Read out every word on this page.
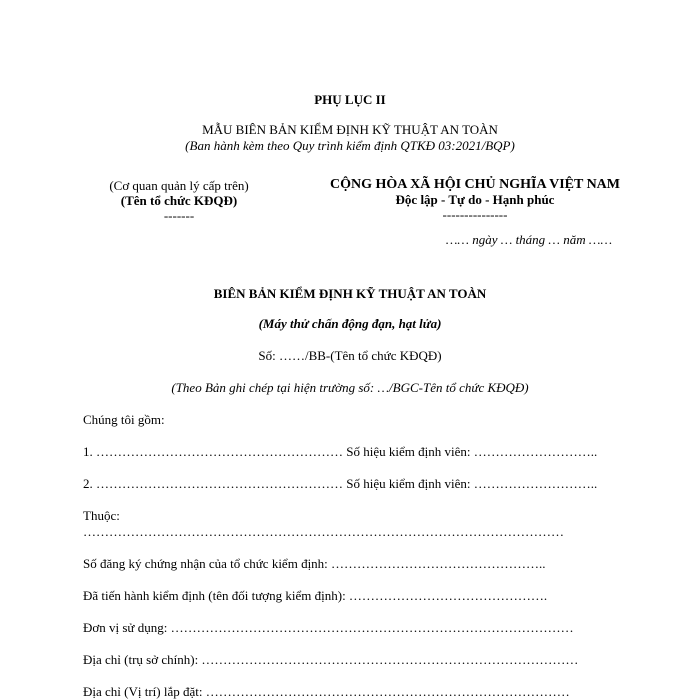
PHỤ LỤC II
MẪU BIÊN BẢN KIỂM ĐỊNH KỸ THUẬT AN TOÀN
(Ban hành kèm theo Quy trình kiểm định QTKĐ 03:2021/BQP)
(Cơ quan quản lý cấp trên)
(Tên tổ chức KĐQĐ)
-------
CỘNG HÒA XÃ HỘI CHỦ NGHĨA VIỆT NAM
Độc lập - Tự do - Hạnh phúc
---------------
…… ngày … tháng … năm ……
BIÊN BẢN KIỂM ĐỊNH KỸ THUẬT AN TOÀN
(Máy thử chấn động đạn, hạt lửa)
Số: ……/BB-(Tên tổ chức KĐQĐ)
(Theo Bản ghi chép tại hiện trường số: …/BGC-Tên tổ chức KĐQĐ)
Chúng tôi gồm:
1. ………………………………………………… Số hiệu kiểm định viên: ………………………..
2. ………………………………………………… Số hiệu kiểm định viên: ………………………..
Thuộc:
…………………………………………………………………………………………………
Số đăng ký chứng nhận của tổ chức kiểm định: …………………………………………..
Đã tiến hành kiểm định (tên đối tượng kiểm định): ……………………………………….
Đơn vị sử dụng: …………………………………………………………………………………
Địa chỉ (trụ sở chính): ……………………………………………………………………………
Địa chỉ (Vị trí) lắp đặt: …………………………………………………………………………
